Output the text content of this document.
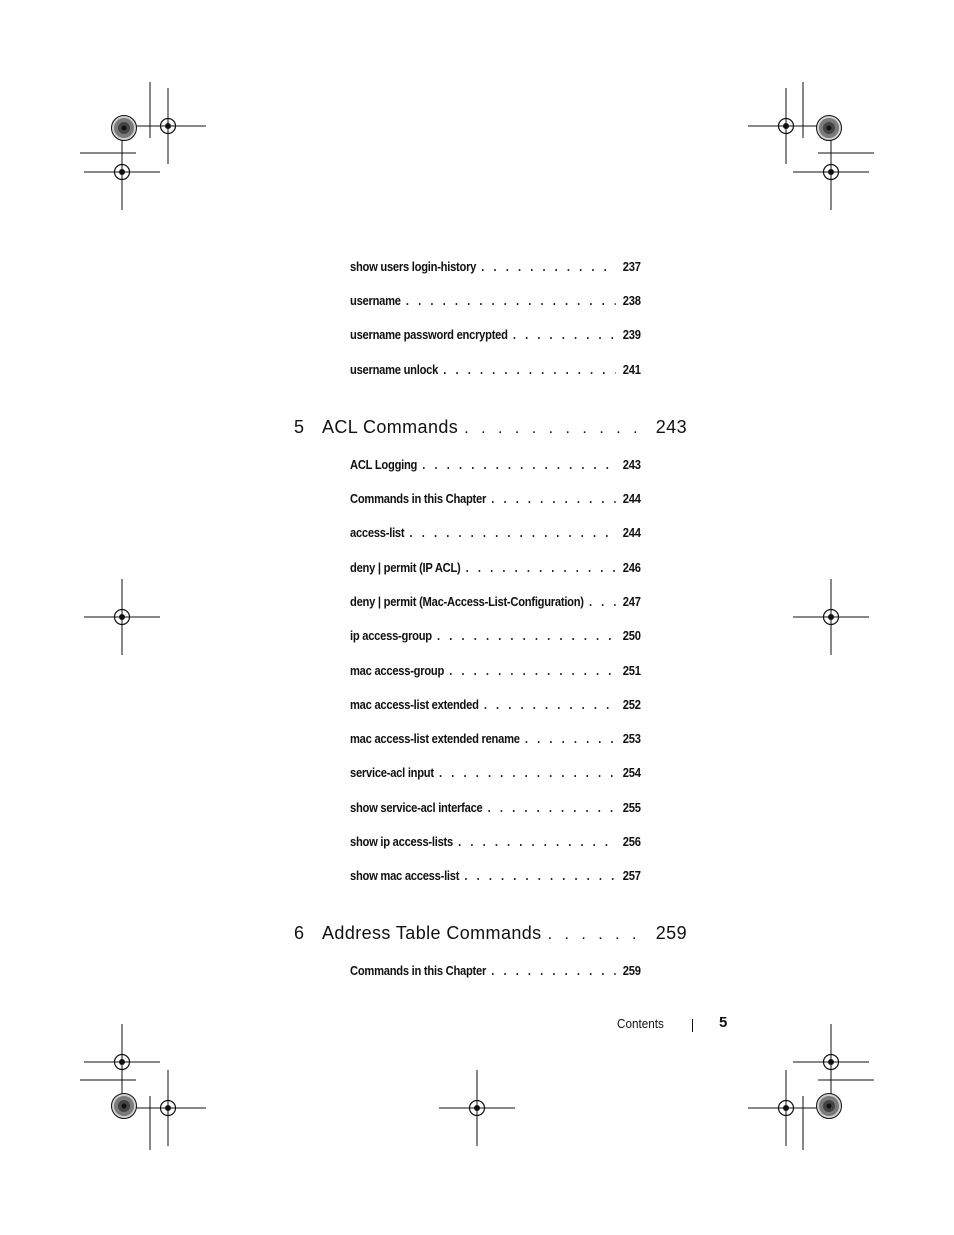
show users login-history . . .	237
username . . .	238
username password encrypted . . .	239
username unlock . . .	241
5 ACL Commands . . .	243
ACL Logging . . .	243
Commands in this Chapter . . .	244
access-list . . .	244
deny | permit (IP ACL) . . .	246
deny | permit (Mac-Access-List-Configuration) . . .	247
ip access-group . . .	250
mac access-group . . .	251
mac access-list extended . . .	252
mac access-list extended rename . . .	253
service-acl input . . .	254
show service-acl interface . . .	255
show ip access-lists . . .	256
show mac access-list . . .	257
6 Address Table Commands . . .	259
Commands in this Chapter . . .	259
Contents	5
